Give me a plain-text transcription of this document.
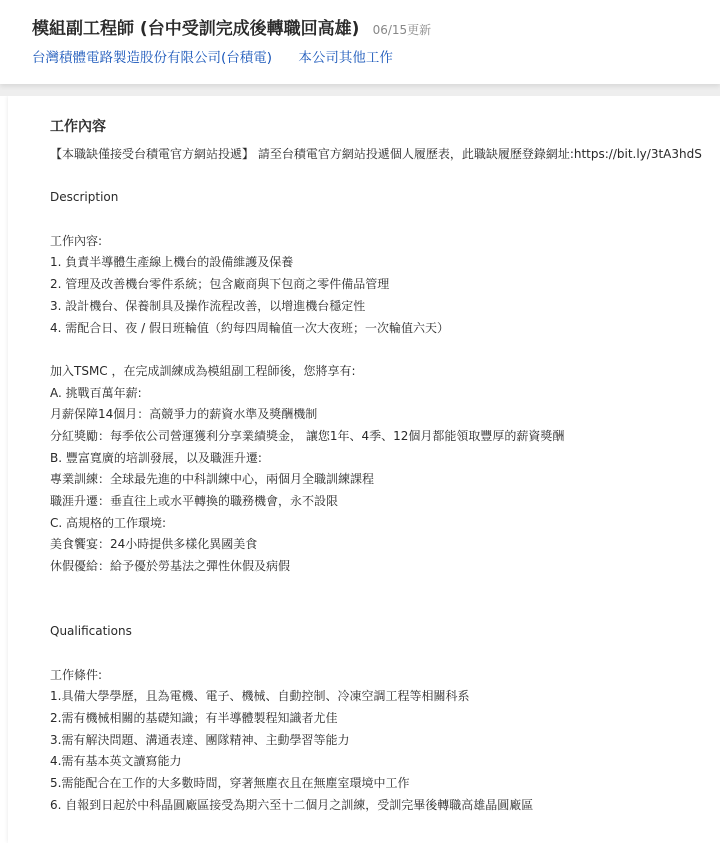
模組副工程師 (台中受訓完成後轉職回高雄) 06/15更新
台灣積體電路製造股份有限公司(台積電) 本公司其他工作
工作內容
【本職缺僅接受台積電官方網站投遞】 請至台積電官方網站投遞個人履歷表，此職缺履歷登錄網址:https://bit.ly/3tA3hdS
Description
工作內容:
1. 負責半導體生產線上機台的設備維護及保養
2. 管理及改善機台零件系統；包含廠商與下包商之零件備品管理
3. 設計機台、保養制具及操作流程改善，以增進機台穩定性
4. 需配合日、夜 / 假日班輪值（約每四周輪值一次大夜班；一次輪值六天）
加入TSMC ，在完成訓練成為模組副工程師後，您將享有:
A. 挑戰百萬年薪:
月薪保障14個月：高競爭力的薪資水準及獎酬機制
分紅獎勵：每季依公司營運獲利分享業績獎金， 讓您1年、4季、12個月都能領取豐厚的薪資獎酬
B. 豐富寬廣的培訓發展，以及職涯升遷:
專業訓練：全球最先進的中科訓練中心，兩個月全職訓練課程
職涯升遷：垂直往上或水平轉換的職務機會，永不設限
C. 高規格的工作環境:
美食饗宴：24小時提供多樣化異國美食
休假優給：給予優於勞基法之彈性休假及病假
Qualifications
工作條件:
1.具備大學學歷，且為電機、電子、機械、自動控制、冷凍空調工程等相關科系
2.需有機械相關的基礎知識；有半導體製程知識者尤佳
3.需有解決問題、溝通表達、團隊精神、主動學習等能力
4.需有基本英文讀寫能力
5.需能配合在工作的大多數時間，穿著無塵衣且在無塵室環境中工作
6. 自報到日起於中科晶圓廠區接受為期六至十二個月之訓練，受訓完畢後轉職高雄晶圓廠區
